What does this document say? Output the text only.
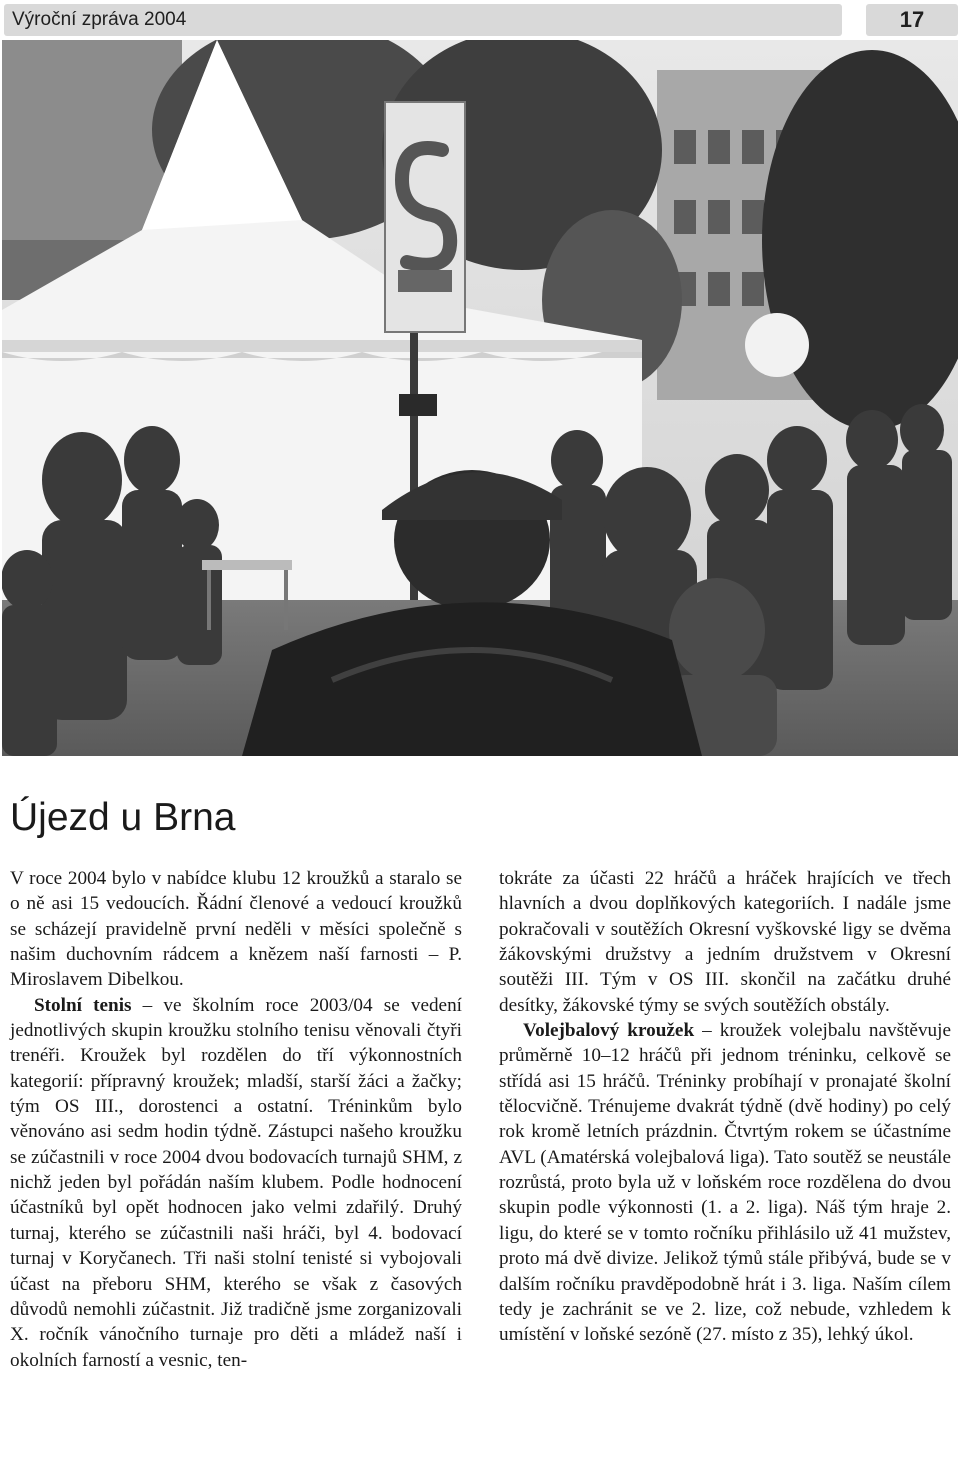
Výroční zpráva 2004	17
Újezd u Brna

V roce 2004 bylo v nabídce klubu 12 kroužků a staralo se o ně asi 15 vedoucích. Řádní členové a vedoucí kroužků se scházejí pravidelně první neděli v měsíci společně s našim duchovním rádcem a knězem naší farnosti – P. Miroslavem Dibelkou.

Stolní tenis – ve školním roce 2003/04 se vedení jednotlivých skupin kroužku stolního tenisu věnovali čtyři trenéři. Kroužek byl rozdělen do tří výkonnostních kategorií: přípravný kroužek; mladší, starší žáci a žačky; tým OS III., dorostenci a ostatní. Tréninkům bylo věnováno asi sedm hodin týdně. Zástupci našeho kroužku se zúčastnili v roce 2004 dvou bodovacích turnajů SHM, z nichž jeden byl pořádán naším klubem. Podle hodnocení účastníků byl opět hodnocen jako velmi zdařilý. Druhý turnaj, kterého se zúčastnili naši hráči, byl 4. bodovací turnaj v Koryčanech. Tři naši stolní tenisté si vybojovali účast na přeboru SHM, kterého se však z časových důvodů nemohli zúčastnit. Již tradičně jsme zorganizovali X. ročník vánočního turnaje pro děti a mládež naší i okolních farností a vesnic, ten-

tokráte za účasti 22 hráčů a hráček hrajících ve třech hlavních a dvou doplňkových kategoriích. I nadále jsme pokračovali v soutěžích Okresní vyškovské ligy se dvěma žákovskými družstvy a jedním družstvem v Okresní soutěži III. Tým v OS III. skončil na začátku druhé desítky, žákovské týmy se svých soutěžích obstály.

Volejbalový kroužek – kroužek volejbalu navštěvuje průměrně 10–12 hráčů při jednom tréninku, celkově se střídá asi 15 hráčů. Tréninky probíhají v pronajaté školní tělocvičně. Trénujeme dvakrát týdně (dvě hodiny) po celý rok kromě letních prázdnin. Čtvrtým rokem se účastníme AVL (Amatérská volejbalová liga). Tato soutěž se neustále rozrůstá, proto byla už v loňském roce rozdělena do dvou skupin podle výkonnosti (1. a 2. liga). Náš tým hraje 2. ligu, do které se v tomto ročníku přihlásilo už 41 mužstev, proto má dvě divize. Jelikož týmů stále přibývá, bude se v dalším ročníku pravděpodobně hrát i 3. liga. Naším cílem tedy je zachránit se ve 2. lize, což nebude, vzhledem k umístění v loňské sezóně (27. místo z 35), lehký úkol.
